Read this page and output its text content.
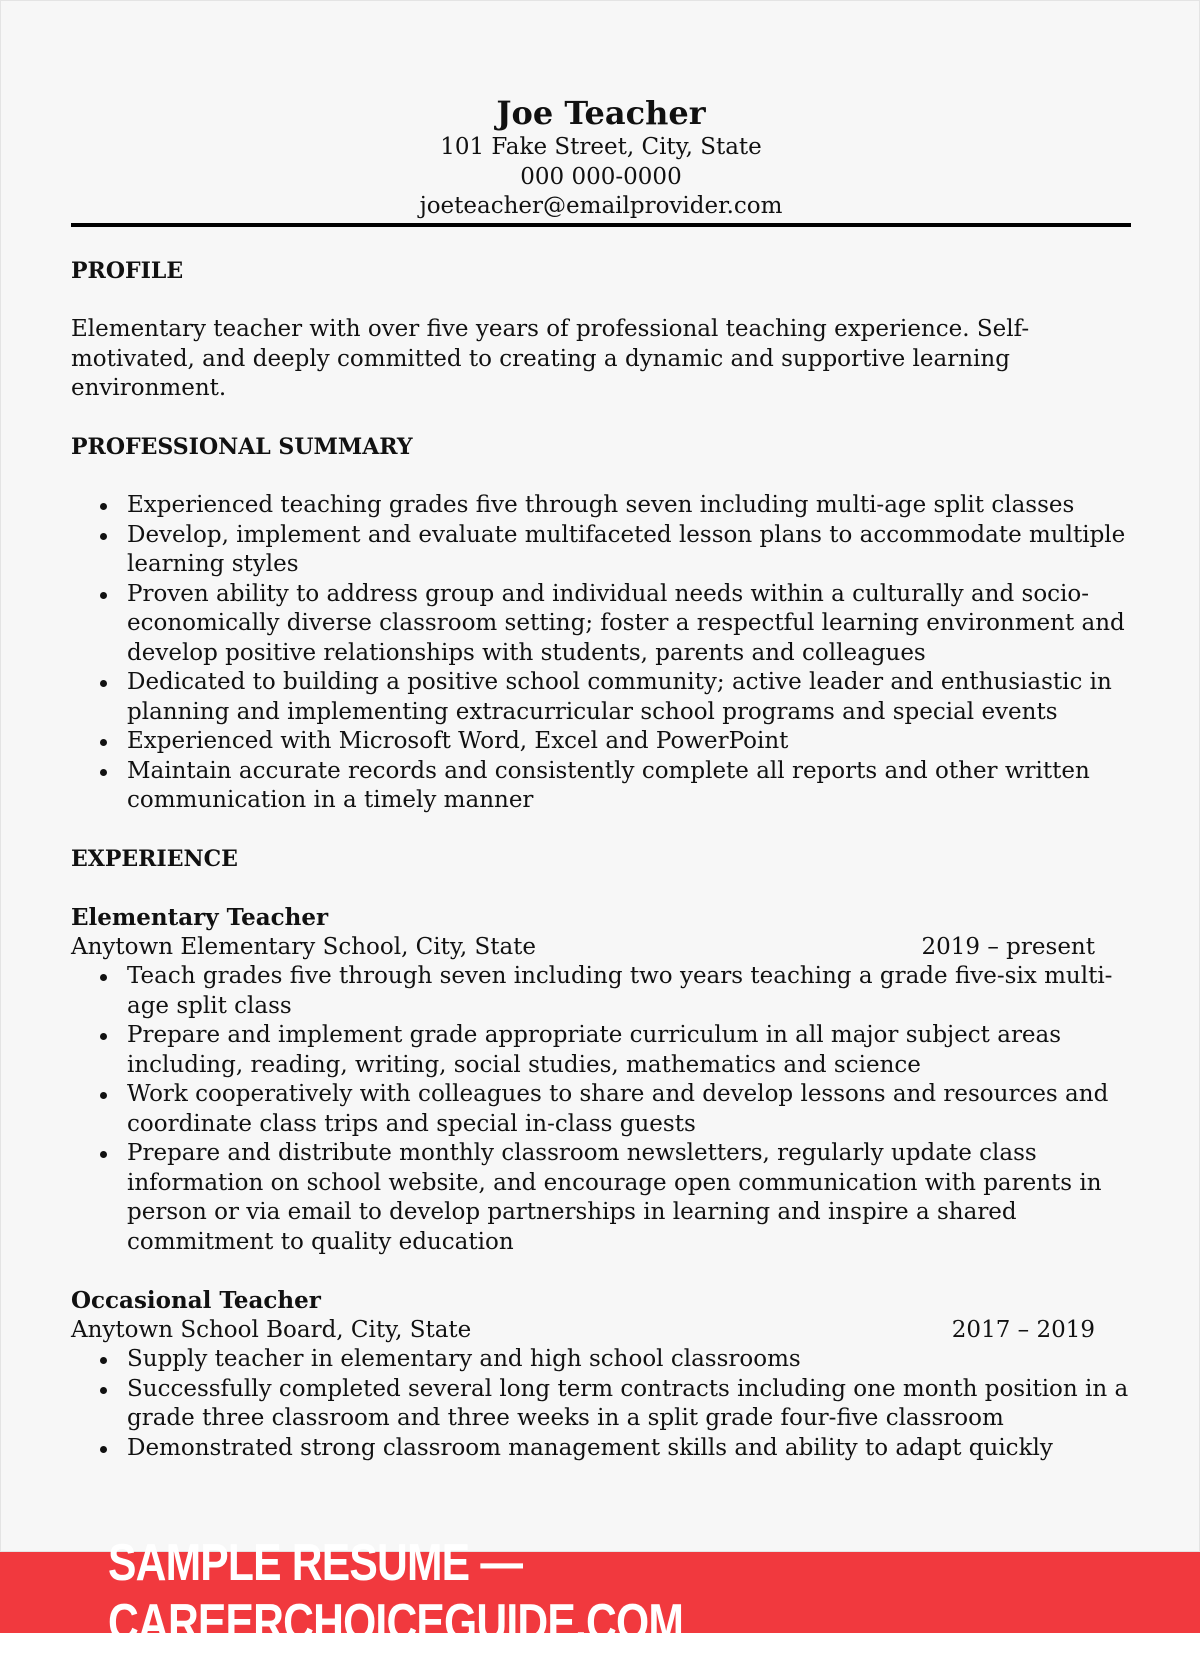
Joe Teacher
101 Fake Street, City, State
000 000-0000
joeteacher@emailprovider.com
PROFILE

Elementary teacher with over five years of professional teaching experience. Self-motivated, and deeply committed to creating a dynamic and supportive learning environment.

PROFESSIONAL SUMMARY
Experienced teaching grades five through seven including multi-age split classes
Develop, implement and evaluate multifaceted lesson plans to accommodate multiple learning styles
Proven ability to address group and individual needs within a culturally and socio-economically diverse classroom setting; foster a respectful learning environment and develop positive relationships with students, parents and colleagues
Dedicated to building a positive school community; active leader and enthusiastic in planning and implementing extracurricular school programs and special events
Experienced with Microsoft Word, Excel and PowerPoint
Maintain accurate records and consistently complete all reports and other written communication in a timely manner
EXPERIENCE
Elementary Teacher
Anytown Elementary School, City, State	2019 – present
Teach grades five through seven including two years teaching a grade five-six multi-age split class
Prepare and implement grade appropriate curriculum in all major subject areas including, reading, writing, social studies, mathematics and science
Work cooperatively with colleagues to share and develop lessons and resources and coordinate class trips and special in-class guests
Prepare and distribute monthly classroom newsletters, regularly update class information on school website, and encourage open communication with parents in person or via email to develop partnerships in learning and inspire a shared commitment to quality education
Occasional Teacher
Anytown School Board, City, State	2017 – 2019
Supply teacher in elementary and high school classrooms
Successfully completed several long term contracts including one month position in a grade three classroom and three weeks in a split grade four-five classroom
Demonstrated strong classroom management skills and ability to adapt quickly
SAMPLE RESUME — CAREERCHOICEGUIDE.COM
